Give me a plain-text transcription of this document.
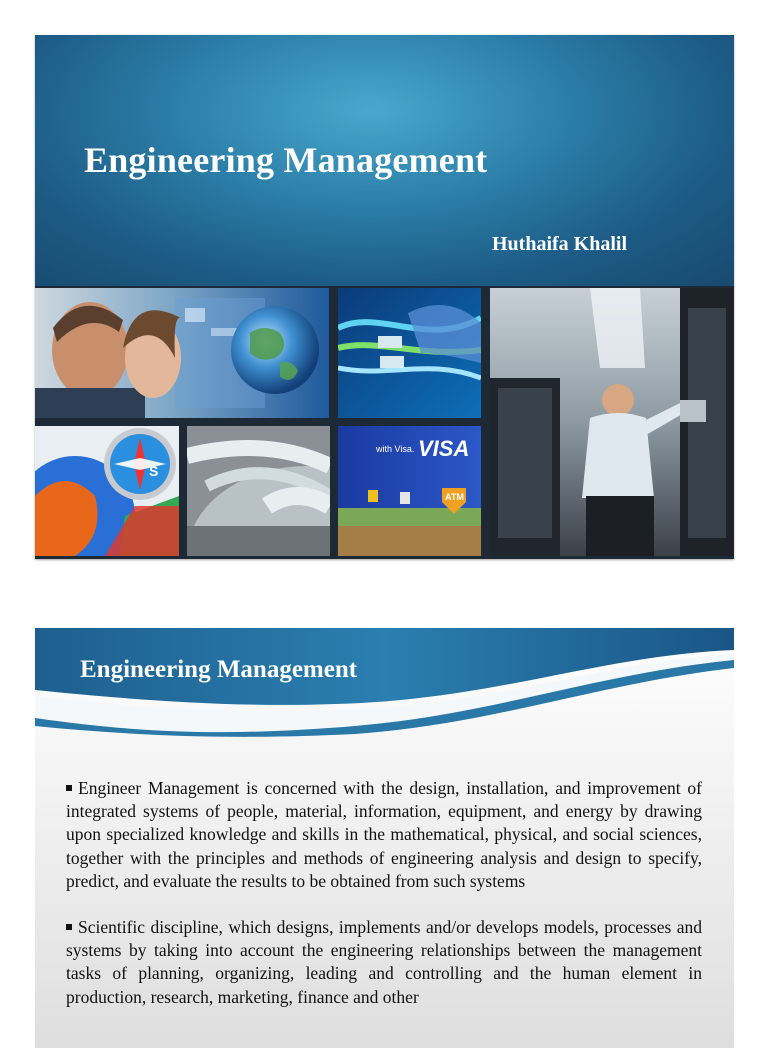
Engineering Management
Huthaifa Khalil
S
with Visa. VISA
ATM
Engineering Management

Engineer Management is concerned with the design, installation, and improvement of integrated systems of people, material, information, equipment, and energy by drawing upon specialized knowledge and skills in the mathematical, physical, and social sciences, together with the principles and methods of engineering analysis and design to specify, predict, and evaluate the results to be obtained from such systems

Scientific discipline, which designs, implements and/or develops models, processes and systems by taking into account the engineering relationships between the management tasks of planning, organizing, leading and controlling and the human element in production, research, marketing, finance and other
